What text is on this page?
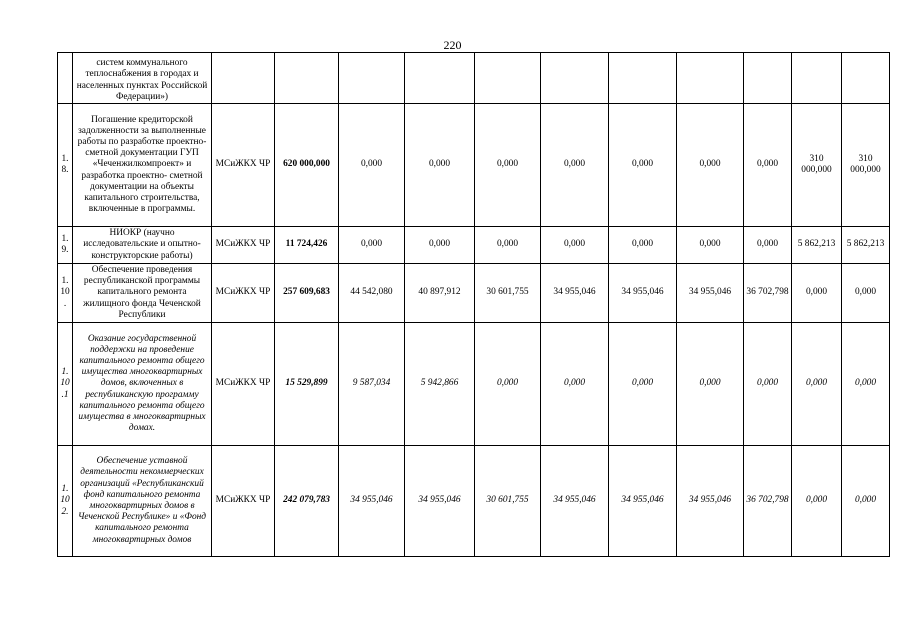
220
	систем коммунального теплоснабжения в городах и населенных пунктах Российской Федерации»)											
1. 8.	Погашение кредиторской задолженности за выполненные работы по разработке проектно- сметной документации ГУП «Чеченжилкомпроект» и разработка проектно- сметной документации на объекты капитального строительства, включенные в программы.	МСиЖКХ ЧР	620 000,000	0,000	0,000	0,000	0,000	0,000	0,000	0,000	310 000,000	310 000,000
1. 9.	НИОКР (научно исследовательские и опытно-конструкторские работы)	МСиЖКХ ЧР	11 724,426	0,000	0,000	0,000	0,000	0,000	0,000	0,000	5 862,213	5 862,213
1. 10 .	Обеспечение проведения республиканской программы капитального ремонта жилищного фонда Чеченской Республики	МСиЖКХ ЧР	257 609,683	44 542,080	40 897,912	30 601,755	34 955,046	34 955,046	34 955,046	36 702,798	0,000	0,000
1. 10 .1	Оказание государственной поддержки на проведение капитального ремонта общего имущества многоквартирных домов, включенных в республиканскую программу капитального ремонта общего имущества в многоквартирных домах.	МСиЖКХ ЧР	15 529,899	9 587,034	5 942,866	0,000	0,000	0,000	0,000	0,000	0,000	0,000
1. 10 2.	Обеспечение уставной деятельности некоммерческих организаций «Республиканский фонд капитального ремонта многоквартирных домов в Чеченской Республике» и «Фонд капитального ремонта многоквартирных домов	МСиЖКХ ЧР	242 079,783	34 955,046	34 955,046	30 601,755	34 955,046	34 955,046	34 955,046	36 702,798	0,000	0,000
